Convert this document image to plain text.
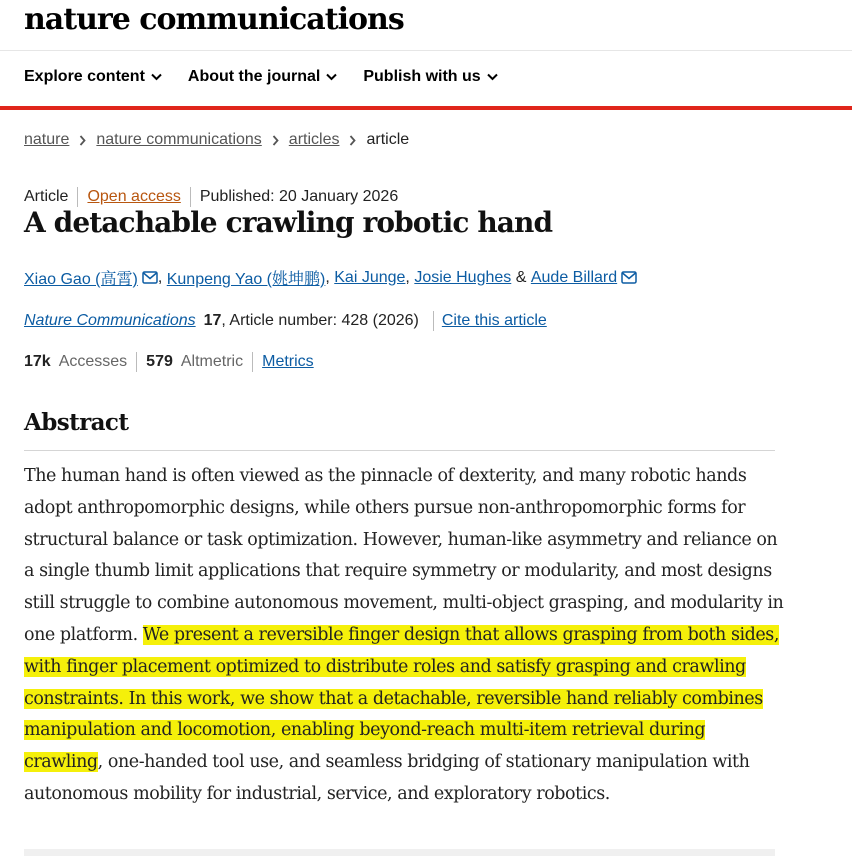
nature communications
Explore content	About the journal	Publish with us
nature nature communications articles article
Article Open access Published: 20 January 2026
A detachable crawling robotic hand
Xiao Gao (高霄) ,
Kunpeng Yao (姚坤鹏) ,
Kai Junge ,
Josie Hughes
&
Aude Billard
Nature Communications 17 , Article number: 428 (2026) Cite this article
17k Accesses 579 Altmetric Metrics
Abstract

The human hand is often viewed as the pinnacle of dexterity, and many robotic hands adopt anthropomorphic designs, while others pursue non-anthropomorphic forms for structural balance or task optimization. However, human-like asymmetry and reliance on a single thumb limit applications that require symmetry or modularity, and most designs still struggle to combine autonomous movement, multi-object grasping, and modularity in one platform. We present a reversible finger design that allows grasping from both sides, with finger placement optimized to distribute roles and satisfy grasping and crawling constraints. In this work, we show that a detachable, reversible hand reliably combines manipulation and locomotion, enabling beyond-reach multi-item retrieval during crawling, one-handed tool use, and seamless bridging of stationary manipulation with autonomous mobility for industrial, service, and exploratory robotics.
